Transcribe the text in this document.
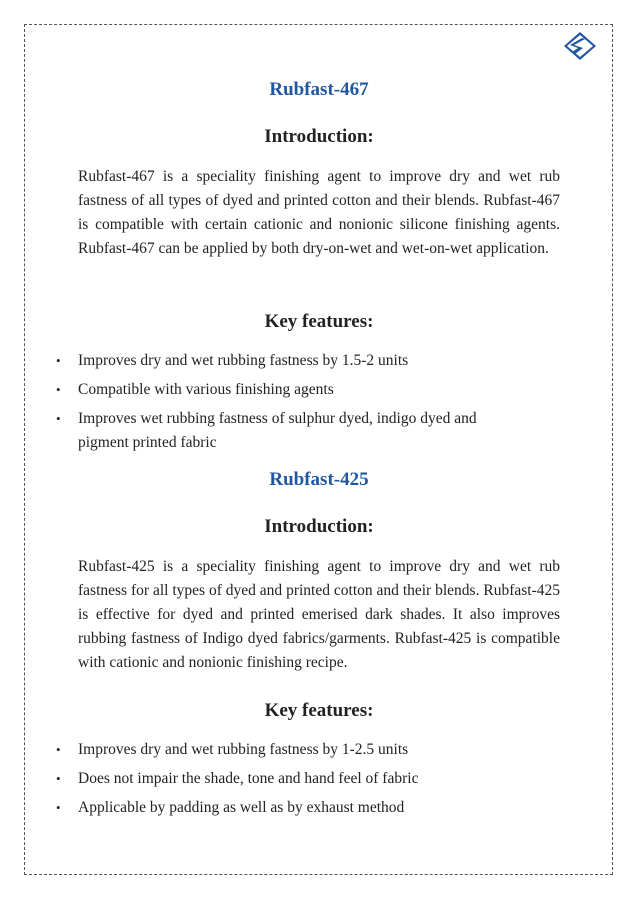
Rubfast-467
Introduction:

Rubfast-467 is a speciality finishing agent to improve dry and wet rub fastness of all types of dyed and printed cotton and their blends. Rubfast-467 is compatible with certain cationic and nonionic silicone finishing agents. Rubfast-467 can be applied by both dry-on-wet and wet-on-wet application.

Key features:
• Improves dry and wet rubbing fastness by 1.5-2 units
• Compatible with various finishing agents
• Improves wet rubbing fastness of sulphur dyed, indigo dyed and pigment printed fabric
Rubfast-425
Introduction:

Rubfast-425 is a speciality finishing agent to improve dry and wet rub fastness for all types of dyed and printed cotton and their blends. Rubfast-425 is effective for dyed and printed emerised dark shades. It also improves rubbing fastness of Indigo dyed fabrics/garments. Rubfast-425 is compatible with cationic and nonionic finishing recipe.

Key features:
• Improves dry and wet rubbing fastness by 1-2.5 units
• Does not impair the shade, tone and hand feel of fabric
• Applicable by padding as well as by exhaust method
